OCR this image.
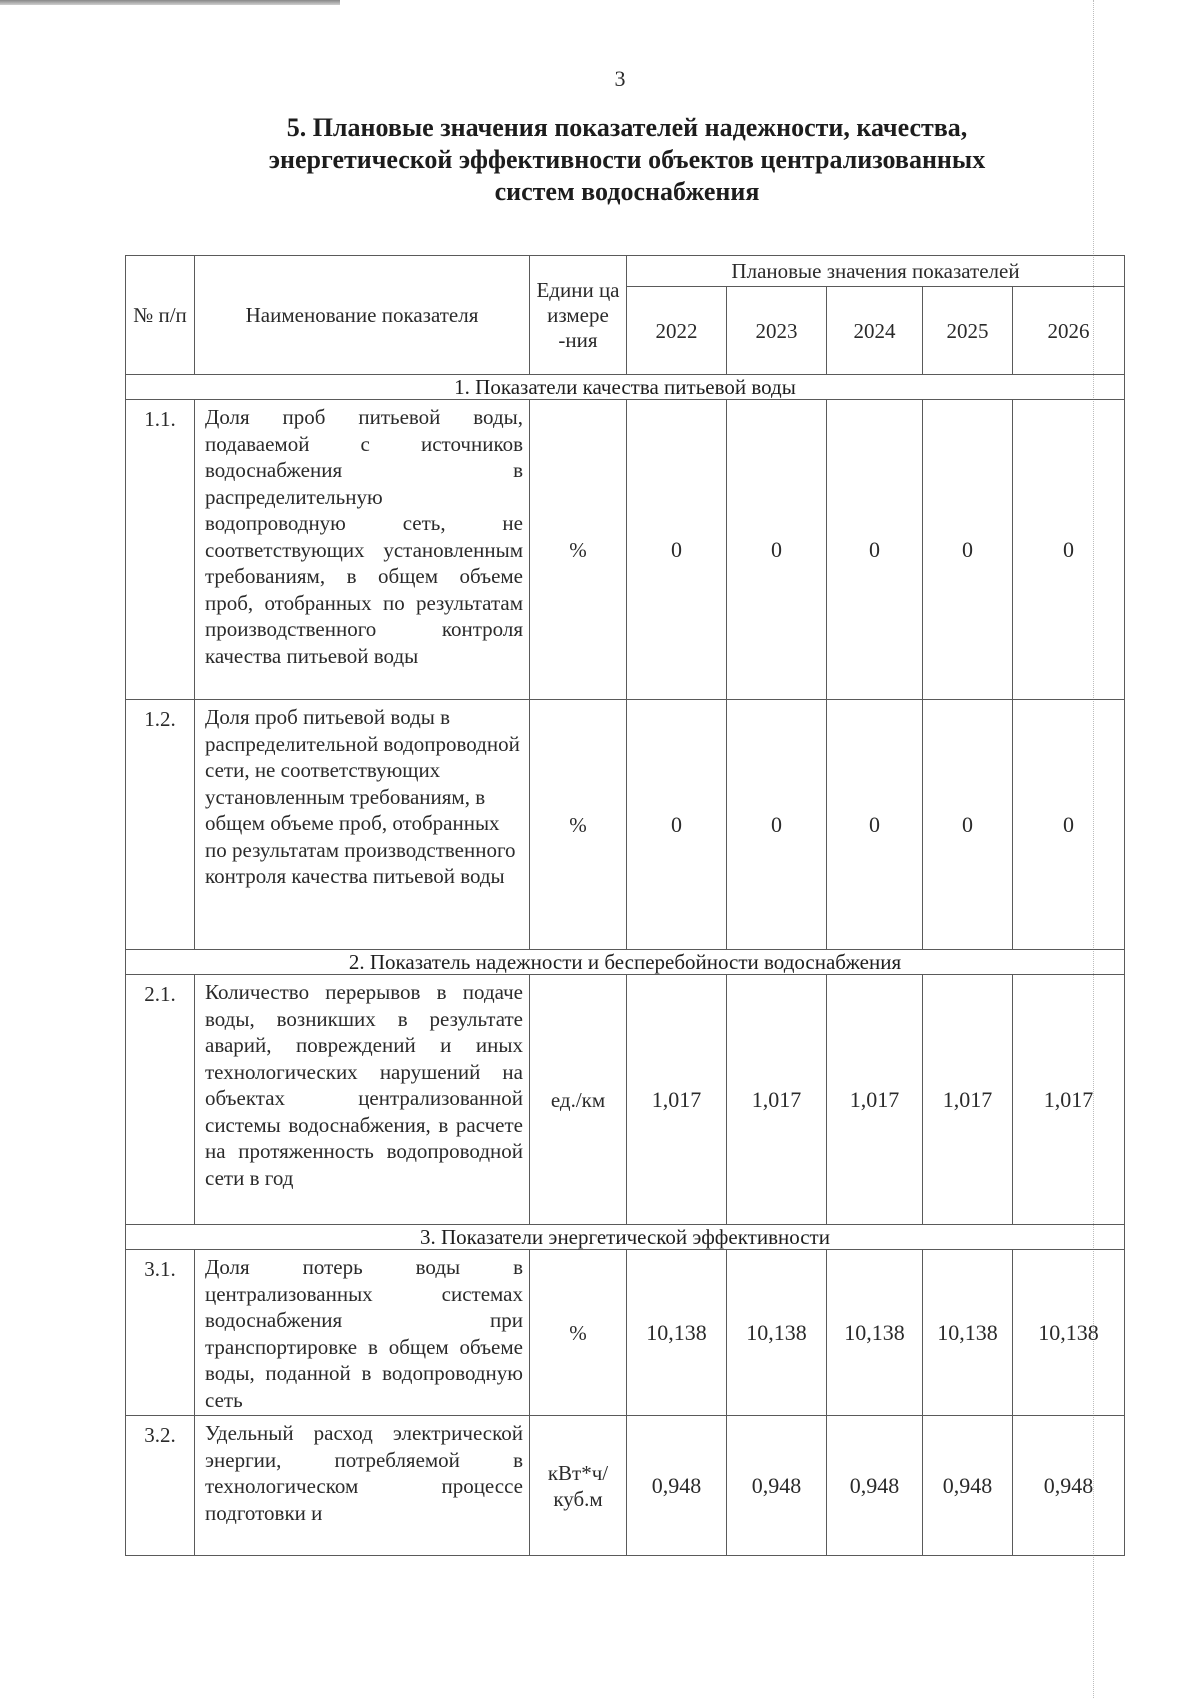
3
5. Плановые значения показателей надежности, качества,
энергетической эффективности объектов централизованных
систем водоснабжения
№ п/п	Наименование показателя	Едини ца измере -ния	Плановые значения показателей				
			2022	2023	2024	2025	2026
1. Показатели качества питьевой воды							
1.1.	Доля проб питьевой воды, подаваемой с источников водоснабжения в распределительную водопроводную сеть, не соответствующих установленным требованиям, в общем объеме проб, отобранных по результатам производственного контроля качества питьевой воды	%	0	0	0	0	0
1.2.	Доля проб питьевой воды в распределительной водопроводной сети, не соответствующих установленным требованиям, в общем объеме проб, отобранных по результатам производственного контроля качества питьевой воды	%	0	0	0	0	0
2. Показатель надежности и бесперебойности водоснабжения							
2.1.	Количество перерывов в подаче воды, возникших в результате аварий, повреждений и иных технологических нарушений на объектах централизованной системы водоснабжения, в расчете на протяженность водопроводной сети в год	ед./км	1,017	1,017	1,017	1,017	1,017
3. Показатели энергетической эффективности							
3.1.	Доля потерь воды в централизованных системах водоснабжения при транспортировке в общем объеме воды, поданной в водопроводную сеть	%	10,138	10,138	10,138	10,138	10,138
3.2.	Удельный расход электрической энергии, потребляемой в технологическом процессе подготовки и	кВт*ч/ куб.м	0,948	0,948	0,948	0,948	0,948
